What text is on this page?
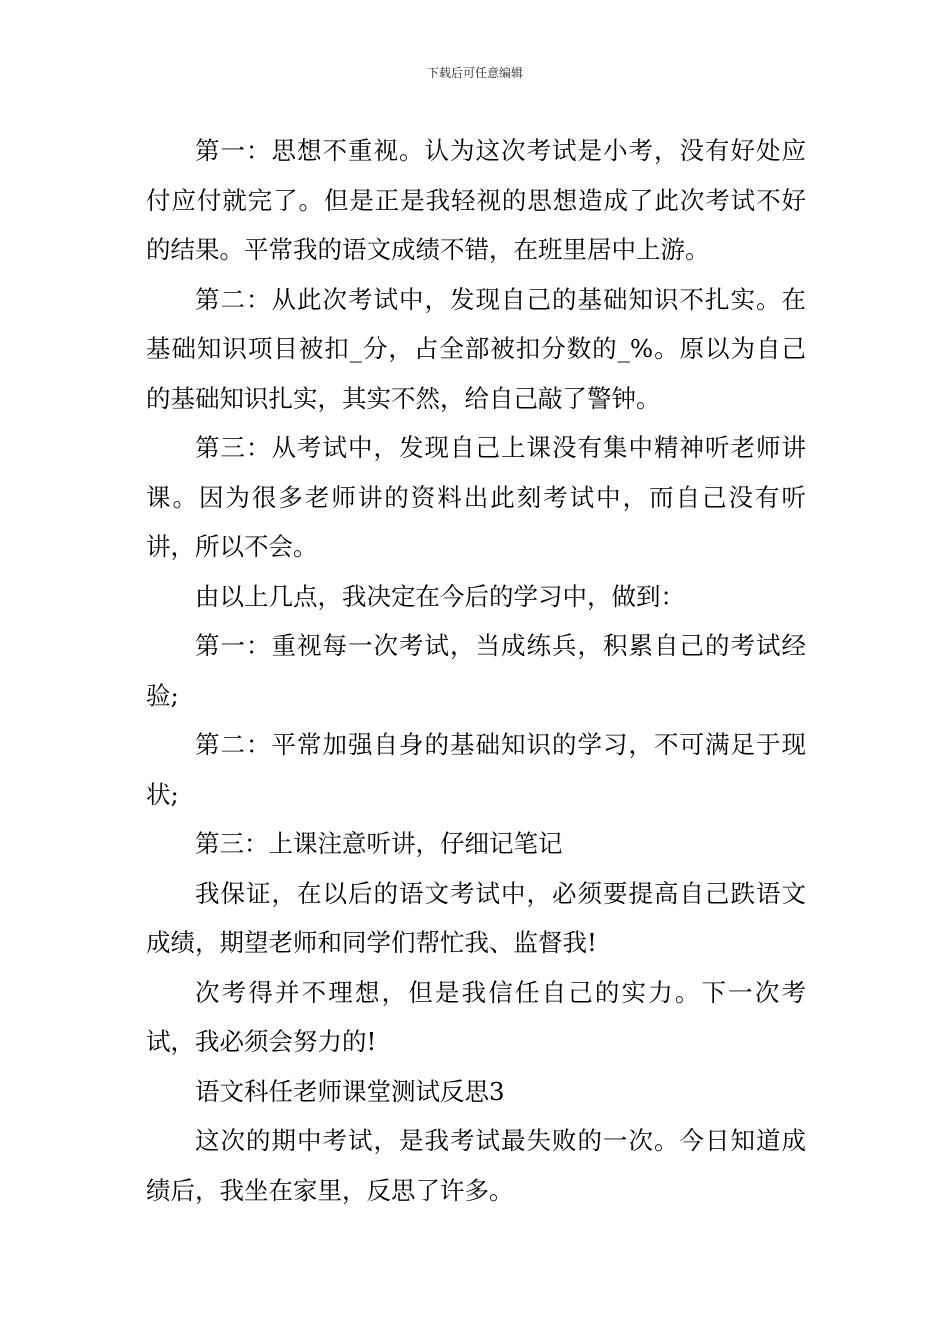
下载后可任意编辑

第一：思想不重视。认为这次考试是小考，没有好处应付应付就完了。但是正是我轻视的思想造成了此次考试不好的结果。平常我的语文成绩不错，在班里居中上游。

第二：从此次考试中，发现自己的基础知识不扎实。在基础知识项目被扣_分，占全部被扣分数的_%。原以为自己的基础知识扎实，其实不然，给自己敲了警钟。

第三：从考试中，发现自己上课没有集中精神听老师讲课。因为很多老师讲的资料出此刻考试中，而自己没有听讲，所以不会。

由以上几点，我决定在今后的学习中，做到：

第一：重视每一次考试，当成练兵，积累自己的考试经验;

第二：平常加强自身的基础知识的学习，不可满足于现状;

第三：上课注意听讲，仔细记笔记

我保证，在以后的语文考试中，必须要提高自己跌语文成绩，期望老师和同学们帮忙我、监督我!

次考得并不理想，但是我信任自己的实力。下一次考试，我必须会努力的!

语文科任老师课堂测试反思3

这次的期中考试，是我考试最失败的一次。今日知道成绩后，我坐在家里，反思了许多。
